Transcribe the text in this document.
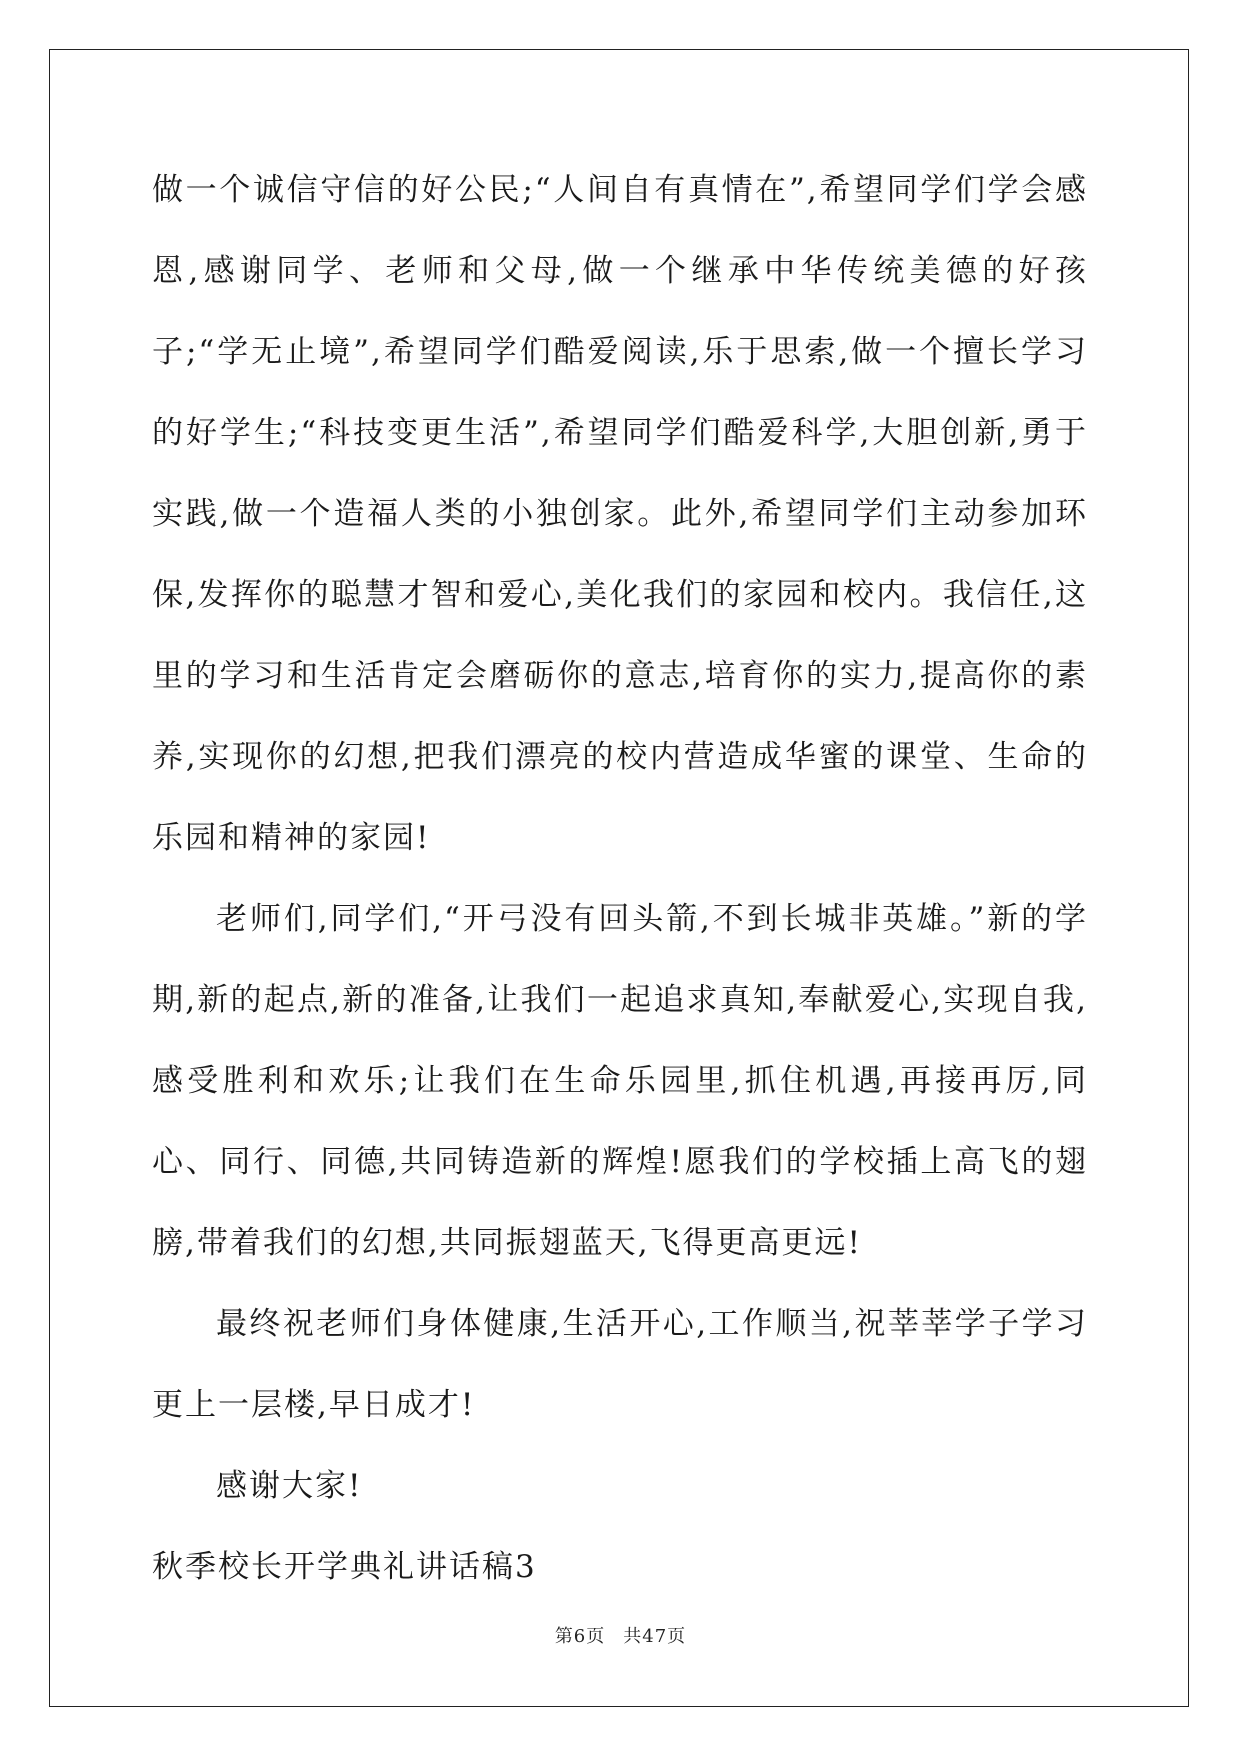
做一个诚信守信的好公民;“人间自有真情在”,希望同学们学会感恩,感谢同学、老师和父母,做一个继承中华传统美德的好孩子;“学无止境”,希望同学们酷爱阅读,乐于思索,做一个擅长学习的好学生;“科技变更生活”,希望同学们酷爱科学,大胆创新,勇于实践,做一个造福人类的小独创家。此外,希望同学们主动参加环保,发挥你的聪慧才智和爱心,美化我们的家园和校内。我信任,这里的学习和生活肯定会磨砺你的意志,培育你的实力,提高你的素养,实现你的幻想,把我们漂亮的校内营造成华蜜的课堂、生命的乐园和精神的家园!

老师们,同学们,“开弓没有回头箭,不到长城非英雄。”新的学期,新的起点,新的准备,让我们一起追求真知,奉献爱心,实现自我,感受胜利和欢乐;让我们在生命乐园里,抓住机遇,再接再厉,同心、同行、同德,共同铸造新的辉煌!愿我们的学校插上高飞的翅膀,带着我们的幻想,共同振翅蓝天,飞得更高更远!

最终祝老师们身体健康,生活开心,工作顺当,祝莘莘学子学习更上一层楼,早日成才!

感谢大家!

秋季校长开学典礼讲话稿3

第6页 共47页
